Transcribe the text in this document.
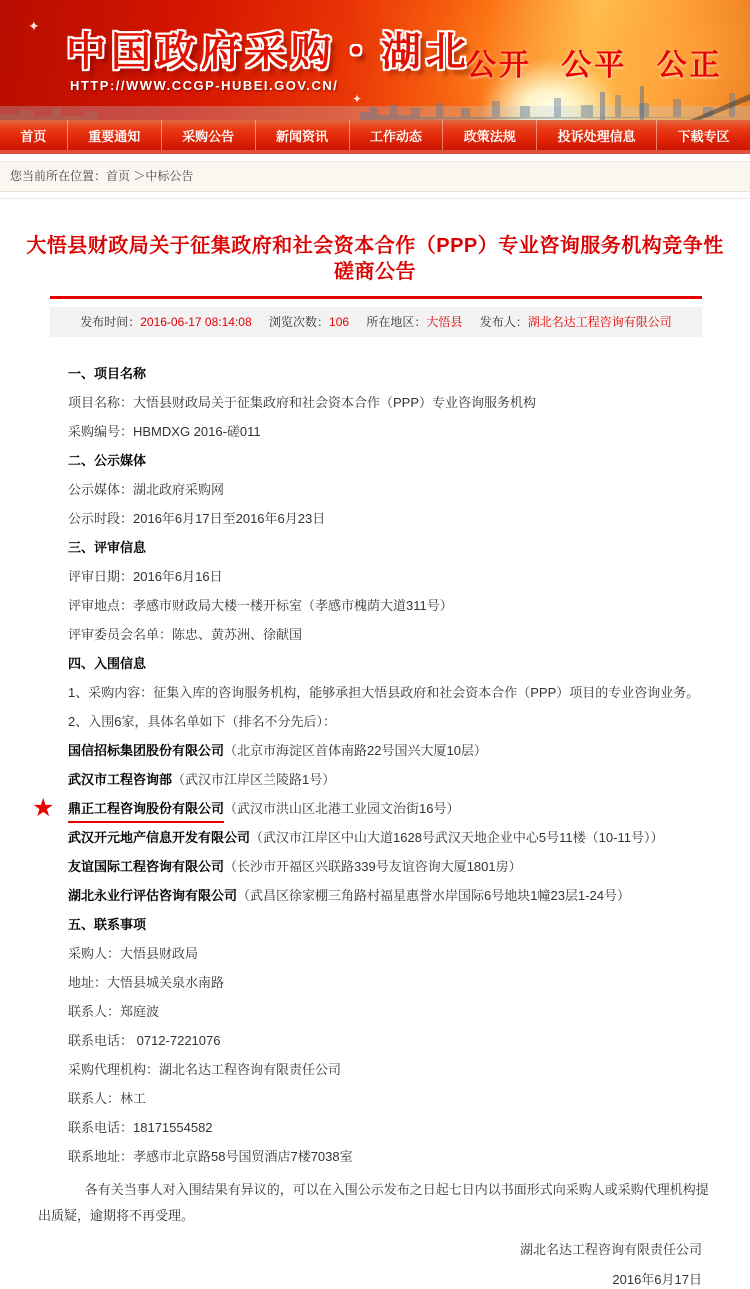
✦
✦
中国政府采购・湖北
HTTP://WWW.CCGP-HUBEI.GOV.CN/
公开 公平 公正
首页	重要通知	采购公告	新闻资讯	工作动态	政策法规	投诉处理信息	下载专区
您当前所在位置：首页 ＞中标公告
大悟县财政局关于征集政府和社会资本合作（PPP）专业咨询服务机构竞争性磋商公告
发布时间：2016-06-17 08:14:08 浏览次数：106 所在地区：大悟县 发布人：湖北名达工程咨询有限公司

一、项目名称

项目名称：大悟县财政局关于征集政府和社会资本合作（PPP）专业咨询服务机构

采购编号：HBMDXG 2016-磋011

二、公示媒体

公示媒体：湖北政府采购网

公示时段：2016年6月17日至2016年6月23日

三、评审信息

评审日期：2016年6月16日

评审地点：孝感市财政局大楼一楼开标室（孝感市槐荫大道311号）

评审委员会名单：陈忠、黄苏洲、徐献国

四、入围信息

1、采购内容：征集入库的咨询服务机构，能够承担大悟县政府和社会资本合作（PPP）项目的专业咨询业务。

2、入围6家，具体名单如下（排名不分先后）：

国信招标集团股份有限公司（北京市海淀区首体南路22号国兴大厦10层）

武汉市工程咨询部（武汉市江岸区兰陵路1号）

★ 鼎正工程咨询股份有限公司（武汉市洪山区北港工业园文治街16号）

武汉开元地产信息开发有限公司（武汉市江岸区中山大道1628号武汉天地企业中心5号11楼（10-11号））

友谊国际工程咨询有限公司（长沙市开福区兴联路339号友谊咨询大厦1801房）

湖北永业行评估咨询有限公司（武昌区徐家棚三角路村福星惠誉水岸国际6号地块1幢23层1-24号）

五、联系事项

采购人：大悟县财政局

地址：大悟县城关泉水南路

联系人：郑庭波

联系电话： 0712-7221076

采购代理机构：湖北名达工程咨询有限责任公司

联系人：林工

联系电话：18171554582

联系地址：孝感市北京路58号国贸酒店7楼7038室

各有关当事人对入围结果有异议的，可以在入围公示发布之日起七日内以书面形式向采购人或采购代理机构提出质疑，逾期将不再受理。

湖北名达工程咨询有限责任公司

2016年6月17日
